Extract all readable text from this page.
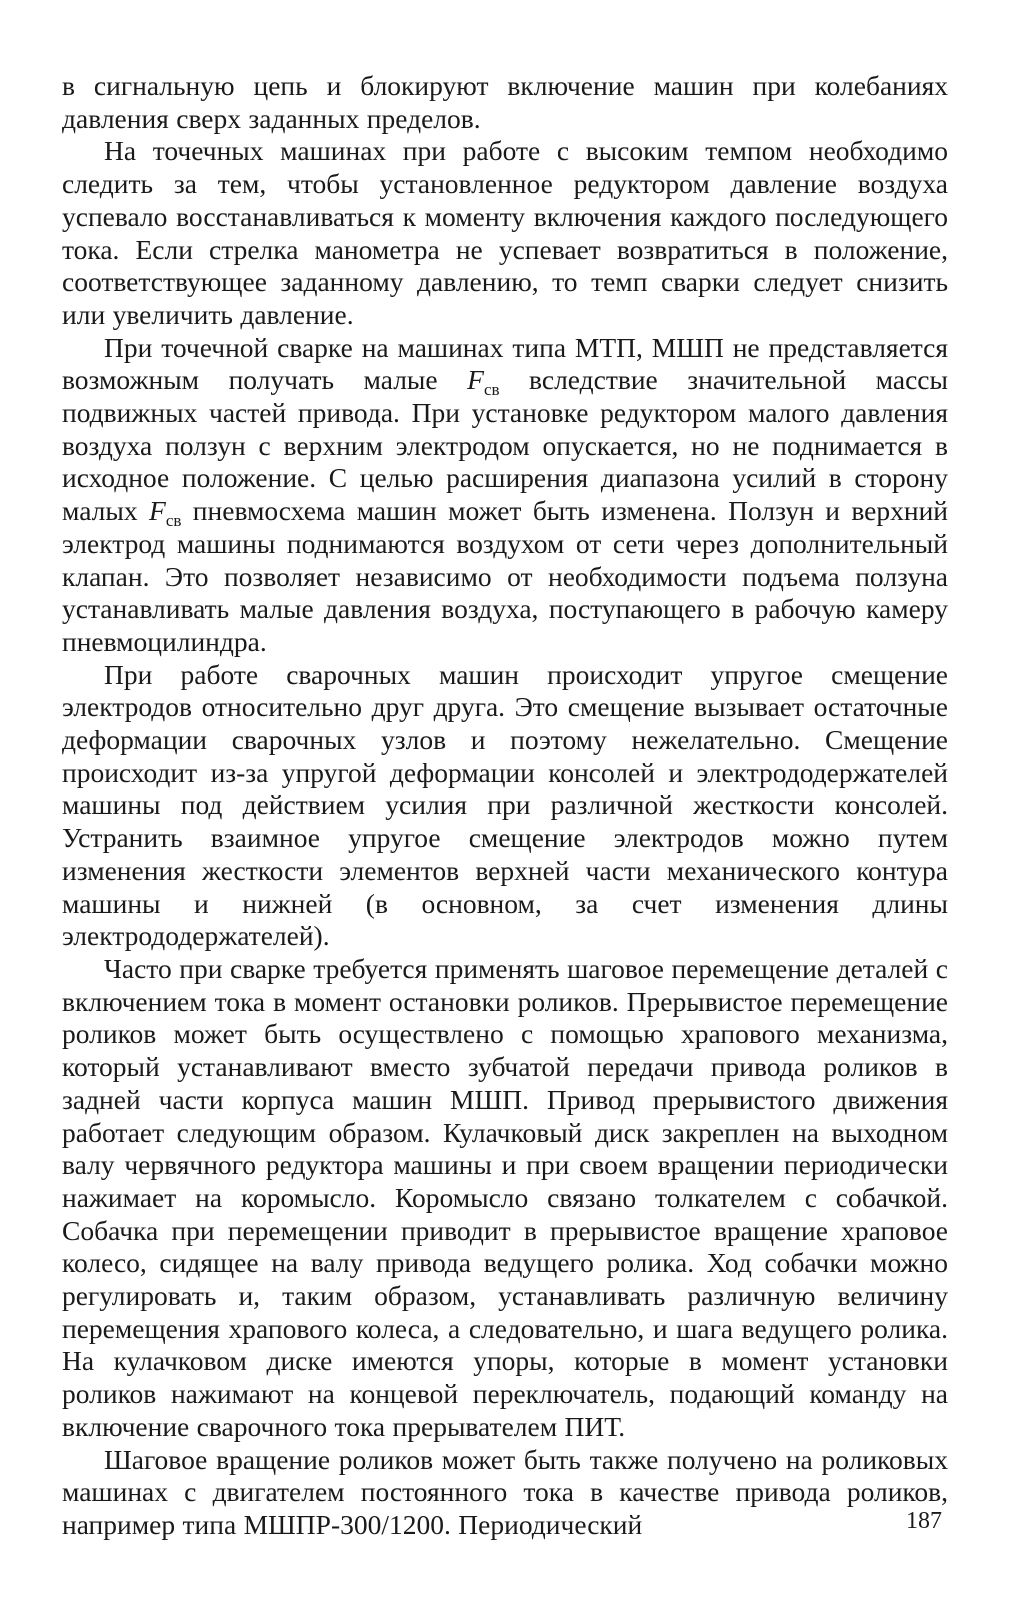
в сигнальную цепь и блокируют включение машин при колебаниях давления сверх заданных пределов.

На точечных машинах при работе с высоким темпом необходимо следить за тем, чтобы установленное редуктором давление воздуха успевало восстанавливаться к моменту включения каждого последующего тока. Если стрелка манометра не успевает возвратиться в положение, соответствующее заданному давлению, то темп сварки следует снизить или увеличить давление.

При точечной сварке на машинах типа МТП, МШП не представляется возможным получать малые $F_{св}$ вследствие значительной массы подвижных частей привода. При установке редуктором малого давления воздуха ползун с верхним электродом опускается, но не поднимается в исходное положение. С целью расширения диапазона усилий в сторону малых $F_{св}$ пневмосхема машин может быть изменена. Ползун и верхний электрод машины поднимаются воздухом от сети через дополнительный клапан. Это позволяет независимо от необходимости подъема ползуна устанавливать малые давления воздуха, поступающего в рабочую камеру пневмоцилиндра.

При работе сварочных машин происходит упругое смещение электродов относительно друг друга. Это смещение вызывает остаточные деформации сварочных узлов и поэтому нежелательно. Смещение происходит из-за упругой деформации консолей и электрододержателей машины под действием усилия при различной жесткости консолей. Устранить взаимное упругое смещение электродов можно путем изменения жесткости элементов верхней части механического контура машины и нижней (в основном, за счет изменения длины электрододержателей).

Часто при сварке требуется применять шаговое перемещение деталей с включением тока в момент остановки роликов. Прерывистое перемещение роликов может быть осуществлено с помощью храпового механизма, который устанавливают вместо зубчатой передачи привода роликов в задней части корпуса машин МШП. Привод прерывистого движения работает следующим образом. Кулачковый диск закреплен на выходном валу червячного редуктора машины и при своем вращении периодически нажимает на коромысло. Коромысло связано толкателем с собачкой. Собачка при перемещении приводит в прерывистое вращение храповое колесо, сидящее на валу привода ведущего ролика. Ход собачки можно регулировать и, таким образом, устанавливать различную величину перемещения храпового колеса, а следовательно, и шага ведущего ролика. На кулачковом диске имеются упоры, которые в момент установки роликов нажимают на концевой переключатель, подающий команду на включение сварочного тока прерывателем ПИТ.

Шаговое вращение роликов может быть также получено на роликовых машинах с двигателем постоянного тока в качестве привода роликов, например типа МШПР-300/1200. Периодический	187
